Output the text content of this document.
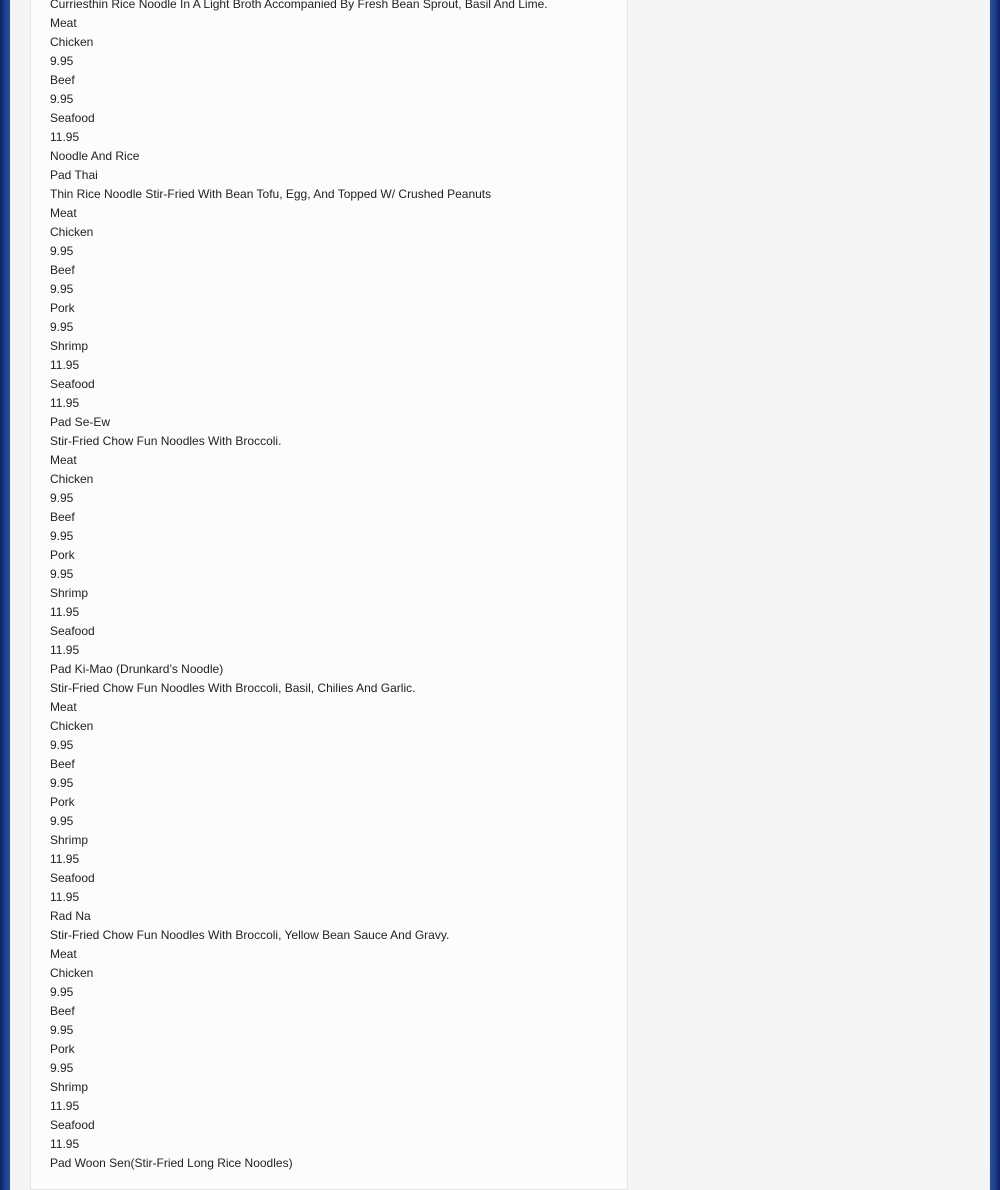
Curriesthin Rice Noodle In A Light Broth Accompanied By Fresh Bean Sprout, Basil And Lime.
Meat
Chicken
9.95
Beef
9.95
Seafood
11.95
Noodle And Rice
Pad Thai
Thin Rice Noodle Stir-Fried With Bean Tofu, Egg, And Topped W/ Crushed Peanuts
Meat
Chicken
9.95
Beef
9.95
Pork
9.95
Shrimp
11.95
Seafood
11.95
Pad Se-Ew
Stir-Fried Chow Fun Noodles With Broccoli.
Meat
Chicken
9.95
Beef
9.95
Pork
9.95
Shrimp
11.95
Seafood
11.95
Pad Ki-Mao (Drunkard’s Noodle)
Stir-Fried Chow Fun Noodles With Broccoli, Basil, Chilies And Garlic.
Meat
Chicken
9.95
Beef
9.95
Pork
9.95
Shrimp
11.95
Seafood
11.95
Rad Na
Stir-Fried Chow Fun Noodles With Broccoli, Yellow Bean Sauce And Gravy.
Meat
Chicken
9.95
Beef
9.95
Pork
9.95
Shrimp
11.95
Seafood
11.95
Pad Woon Sen(Stir-Fried Long Rice Noodles)
